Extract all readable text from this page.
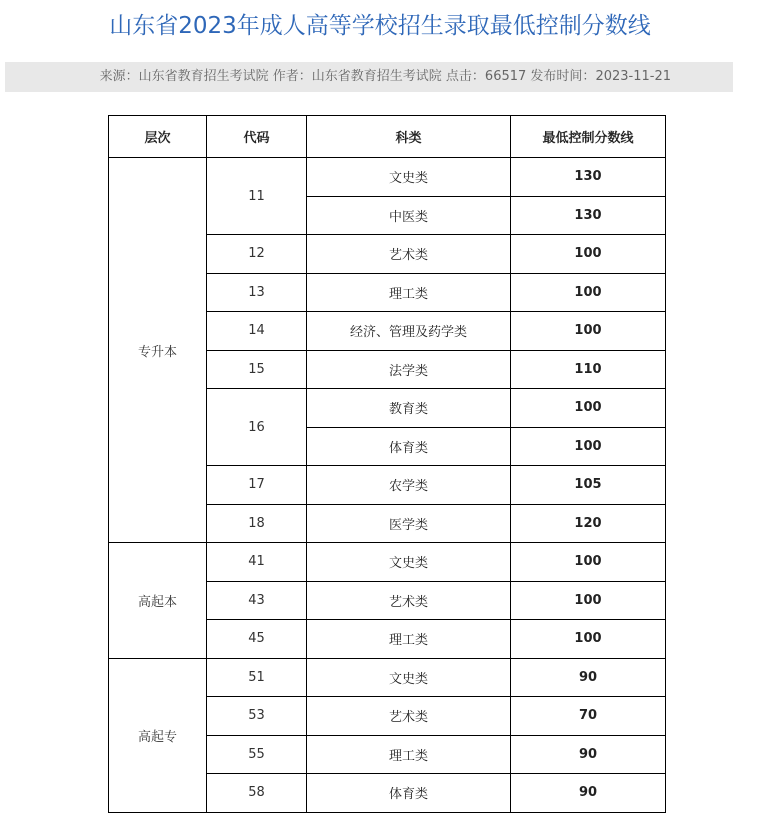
山东省2023年成人高等学校招生录取最低控制分数线
来源：山东省教育招生考试院 作者：山东省教育招生考试院 点击：66517 发布时间：2023-11-21
层次	代码	科类	最低控制分数线
专升本	11	文史类	130
		中医类	130
	12	艺术类	100
	13	理工类	100
	14	经济、管理及药学类	100
	15	法学类	110
	16	教育类	100
		体育类	100
	17	农学类	105
	18	医学类	120
高起本	41	文史类	100
	43	艺术类	100
	45	理工类	100
高起专	51	文史类	90
	53	艺术类	70
	55	理工类	90
	58	体育类	90
